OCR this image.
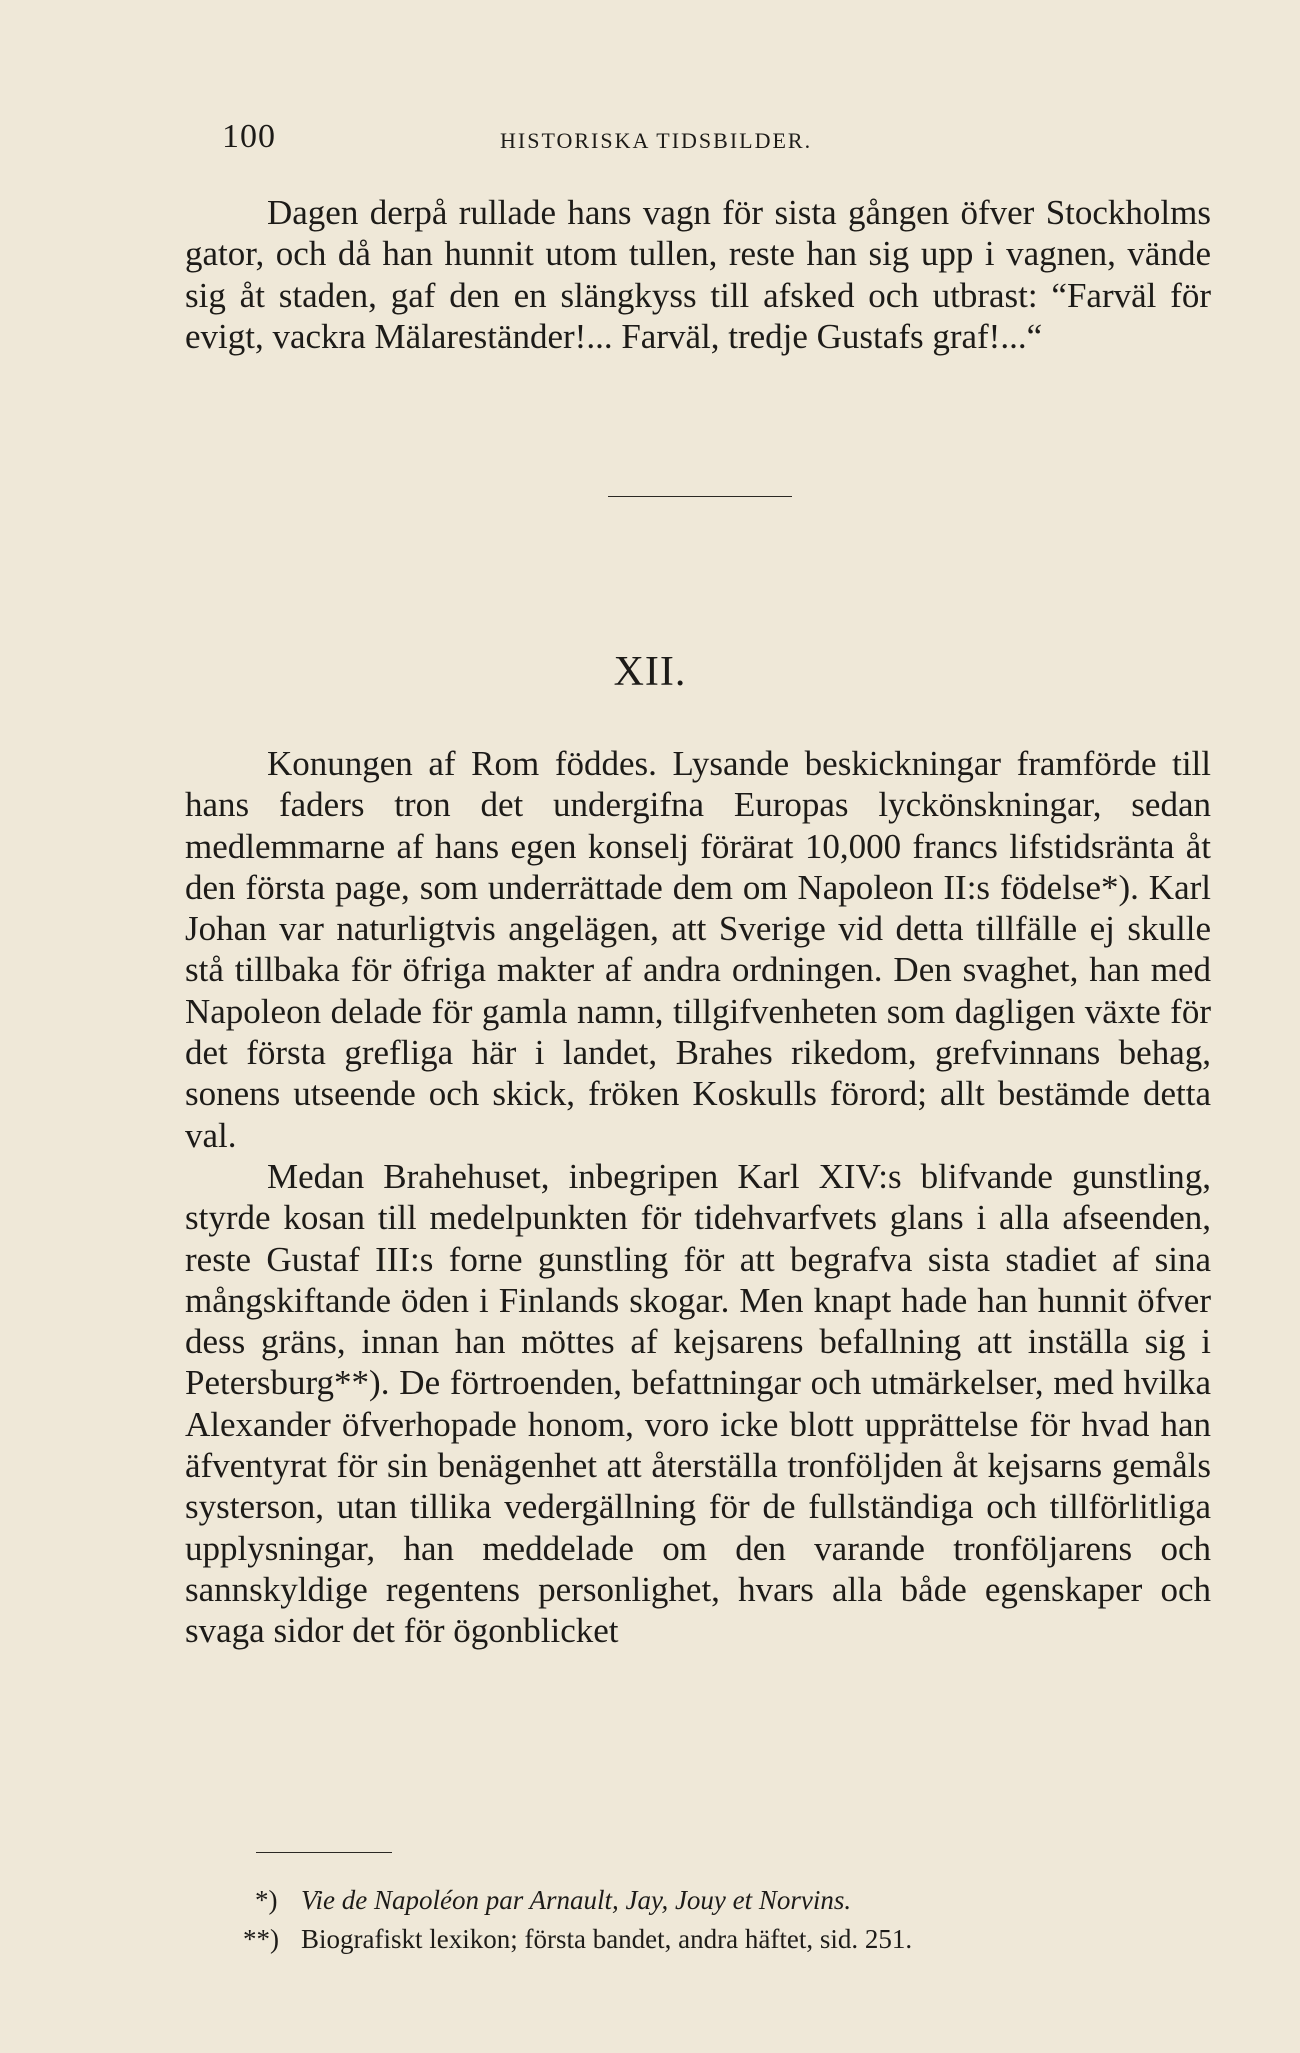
100	HISTORISKA TIDSBILDER.

Dagen derpå rullade hans vagn för sista gången öfver Stockholms gator, och då han hunnit utom tullen, reste han sig upp i vagnen, vände sig åt staden, gaf den en slängkyss till afsked och utbrast: “Farväl för evigt, vackra Mälareständer!... Farväl, tredje Gustafs graf!...“

XII.

Konungen af Rom föddes. Lysande beskickningar framförde till hans faders tron det undergifna Europas lyckönskningar, sedan medlemmarne af hans egen konselj förärat 10,000 francs lifstidsränta åt den första page, som underrättade dem om Napoleon II:s födelse*). Karl Johan var naturligtvis angelägen, att Sverige vid detta tillfälle ej skulle stå tillbaka för öfriga makter af andra ordningen. Den svaghet, han med Napoleon delade för gamla namn, tillgifvenheten som dagligen växte för det första grefliga här i landet, Brahes rikedom, grefvinnans behag, sonens utseende och skick, fröken Koskulls förord; allt bestämde detta val.

Medan Brahehuset, inbegripen Karl XIV:s blifvande gunstling, styrde kosan till medelpunkten för tidehvarfvets glans i alla afseenden, reste Gustaf III:s forne gunstling för att begrafva sista stadiet af sina mångskiftande öden i Finlands skogar. Men knapt hade han hunnit öfver dess gräns, innan han möttes af kejsarens befallning att inställa sig i Petersburg**). De förtroenden, befattningar och utmärkelser, med hvilka Alexander öfverhopade honom, voro icke blott upprättelse för hvad han äfventyrat för sin benägenhet att återställa tronföljden åt kejsarns gemåls systerson, utan tillika vedergällning för de fullständiga och tillförlitliga upplysningar, han meddelade om den varande tronföljarens och sannskyldige regentens personlighet, hvars alla både egenskaper och svaga sidor det för ögonblicket

*) Vie de Napoléon par Arnault, Jay, Jouy et Norvins.
**) Biografiskt lexikon; första bandet, andra häftet, sid. 251.
